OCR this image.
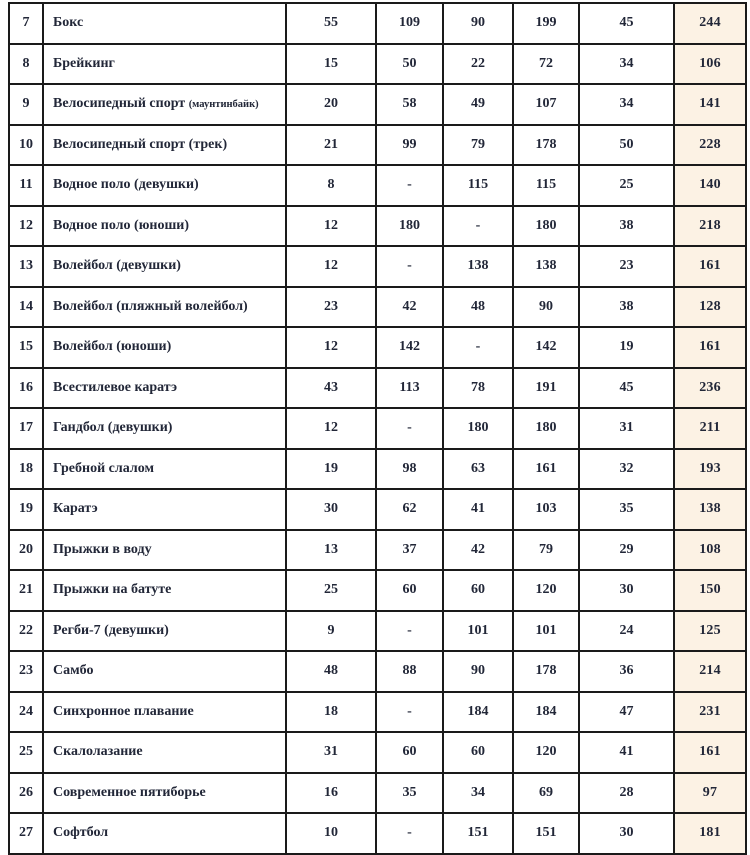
7	Бокс	55	109	90	199	45	244
8	Брейкинг	15	50	22	72	34	106
9	Велосипедный спорт (маунтинбайк)	20	58	49	107	34	141
10	Велосипедный спорт (трек)	21	99	79	178	50	228
11	Водное поло (девушки)	8	-	115	115	25	140
12	Водное поло (юноши)	12	180	-	180	38	218
13	Волейбол (девушки)	12	-	138	138	23	161
14	Волейбол (пляжный волейбол)	23	42	48	90	38	128
15	Волейбол (юноши)	12	142	-	142	19	161
16	Всестилевое каратэ	43	113	78	191	45	236
17	Гандбол (девушки)	12	-	180	180	31	211
18	Гребной слалом	19	98	63	161	32	193
19	Каратэ	30	62	41	103	35	138
20	Прыжки в воду	13	37	42	79	29	108
21	Прыжки на батуте	25	60	60	120	30	150
22	Регби-7 (девушки)	9	-	101	101	24	125
23	Самбо	48	88	90	178	36	214
24	Синхронное плавание	18	-	184	184	47	231
25	Скалолазание	31	60	60	120	41	161
26	Современное пятиборье	16	35	34	69	28	97
27	Софтбол	10	-	151	151	30	181
